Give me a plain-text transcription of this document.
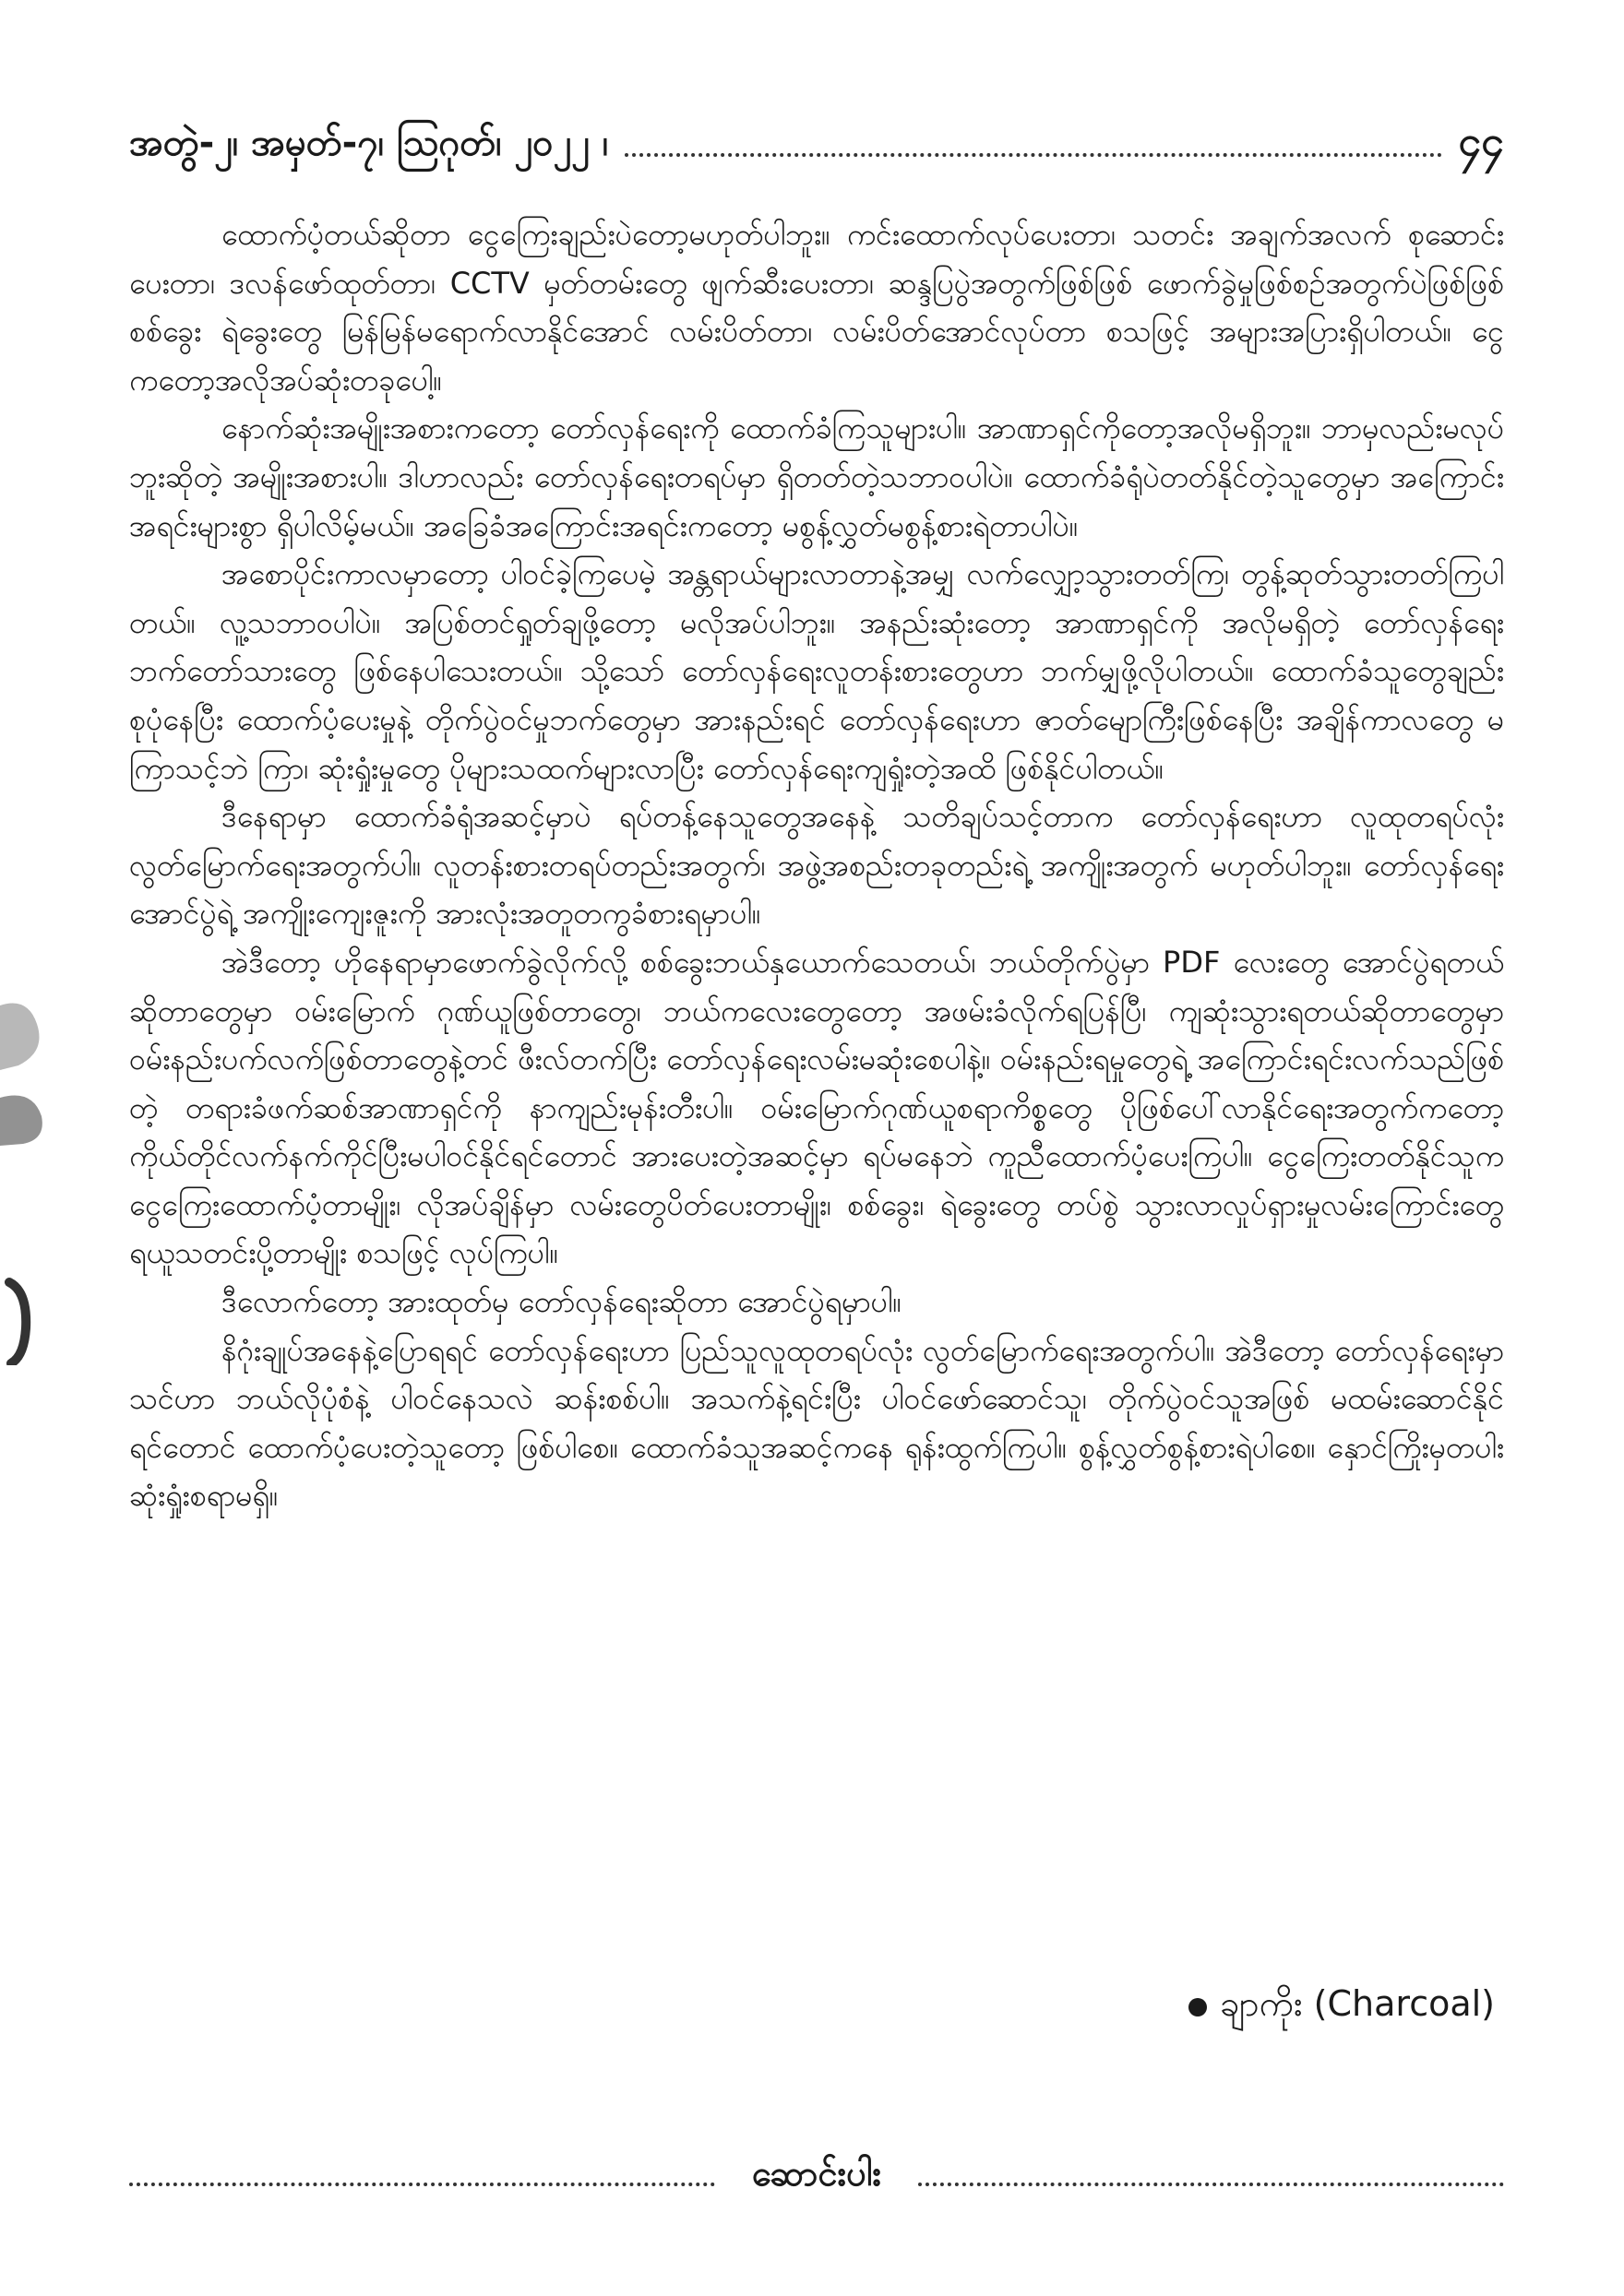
အတွဲ-၂၊ အမှတ်-၇၊ ဩဂုတ်၊ ၂၀၂၂ ၊	၄၄

ထောက်ပံ့တယ်ဆိုတာ ငွေကြေးချည်းပဲတော့မဟုတ်ပါဘူး။ ကင်းထောက်လုပ်ပေးတာ၊ သတင်း အချက်အလက် စုဆောင်းပေးတာ၊ ဒလန်ဖော်ထုတ်တာ၊ CCTV မှတ်တမ်းတွေ ဖျက်ဆီးပေးတာ၊ ဆန္ဒပြပွဲအတွက်ဖြစ်ဖြစ် ဖောက်ခွဲမှုဖြစ်စဉ်အတွက်ပဲဖြစ်ဖြစ် စစ်ခွေး ရဲခွေးတွေ မြန်မြန်မရောက်လာနိုင်အောင် လမ်းပိတ်တာ၊ လမ်းပိတ်အောင်လုပ်တာ စသဖြင့် အများအပြားရှိပါတယ်။ ငွေကတော့အလိုအပ်ဆုံးတခုပေါ့။

နောက်ဆုံးအမျိုးအစားကတော့ တော်လှန်ရေးကို ထောက်ခံကြသူများပါ။ အာဏာရှင်ကိုတော့အလိုမရှိဘူး။ ဘာမှလည်းမလုပ်ဘူးဆိုတဲ့ အမျိုးအစားပါ။ ဒါဟာလည်း တော်လှန်ရေးတရပ်မှာ ရှိတတ်တဲ့သဘာဝပါပဲ။ ထောက်ခံရုံပဲတတ်နိုင်တဲ့သူတွေမှာ အကြောင်းအရင်းများစွာ ရှိပါလိမ့်မယ်။ အခြေခံအကြောင်းအရင်းကတော့ မစွန့်လွှတ်မစွန့်စားရဲတာပါပဲ။

အစောပိုင်းကာလမှာတော့ ပါဝင်ခဲ့ကြပေမဲ့ အန္တရာယ်များလာတာနဲ့အမျှ လက်လျှော့သွားတတ်ကြ၊ တွန့်ဆုတ်သွားတတ်ကြပါတယ်။ လူ့သဘာဝပါပဲ။ အပြစ်တင်ရှုတ်ချဖို့တော့ မလိုအပ်ပါဘူး။ အနည်းဆုံးတော့ အာဏာရှင်ကို အလိုမရှိတဲ့ တော်လှန်ရေးဘက်တော်သားတွေ ဖြစ်နေပါသေးတယ်။ သို့သော် တော်လှန်ရေးလူတန်းစားတွေဟာ ဘက်မျှဖို့လိုပါတယ်။ ထောက်ခံသူတွေချည်း စုပုံနေပြီး ထောက်ပံ့ပေးမှုနဲ့ တိုက်ပွဲဝင်မှုဘက်တွေမှာ အားနည်းရင် တော်လှန်ရေးဟာ ဇာတ်မျောကြီးဖြစ်နေပြီး အချိန်ကာလတွေ မကြာသင့်ဘဲ ကြာ၊ ဆုံးရှုံးမှုတွေ ပိုများသထက်များလာပြီး တော်လှန်ရေးကျရှုံးတဲ့အထိ ဖြစ်နိုင်ပါတယ်။

ဒီနေရာမှာ ထောက်ခံရုံအဆင့်မှာပဲ ရပ်တန့်နေသူတွေအနေနဲ့ သတိချပ်သင့်တာက တော်လှန်ရေးဟာ လူထုတရပ်လုံး လွတ်မြောက်ရေးအတွက်ပါ။ လူတန်းစားတရပ်တည်းအတွက်၊ အဖွဲ့အစည်းတခုတည်းရဲ့ အကျိုးအတွက် မဟုတ်ပါဘူး။ တော်လှန်ရေးအောင်ပွဲရဲ့ အကျိုးကျေးဇူးကို အားလုံးအတူတကွခံစားရမှာပါ။

အဲဒီတော့ ဟိုနေရာမှာဖောက်ခွဲလိုက်လို့ စစ်ခွေးဘယ်နှယောက်သေတယ်၊ ဘယ်တိုက်ပွဲမှာ PDF လေးတွေ အောင်ပွဲရတယ် ဆိုတာတွေမှာ ဝမ်းမြောက် ဂုဏ်ယူဖြစ်တာတွေ၊ ဘယ်ကလေးတွေတော့ အဖမ်းခံလိုက်ရပြန်ပြီ၊ ကျဆုံးသွားရတယ်ဆိုတာတွေမှာ ဝမ်းနည်းပက်လက်ဖြစ်တာတွေနဲ့တင် ဖီးလ်တက်ပြီး တော်လှန်ရေးလမ်းမဆုံးစေပါနဲ့။ ဝမ်းနည်းရမှုတွေရဲ့ အကြောင်းရင်းလက်သည်ဖြစ်တဲ့ တရားခံဖက်ဆစ်အာဏာရှင်ကို နာကျည်းမုန်းတီးပါ။ ဝမ်းမြောက်ဂုဏ်ယူစရာကိစ္စတွေ ပိုဖြစ်ပေါ်လာနိုင်ရေးအတွက်ကတော့ ကိုယ်တိုင်လက်နက်ကိုင်ပြီးမပါဝင်နိုင်ရင်တောင် အားပေးတဲ့အဆင့်မှာ ရပ်မနေဘဲ ကူညီထောက်ပံ့ပေးကြပါ။ ငွေကြေးတတ်နိုင်သူက ငွေကြေးထောက်ပံ့တာမျိုး၊ လိုအပ်ချိန်မှာ လမ်းတွေပိတ်ပေးတာမျိုး၊ စစ်ခွေး၊ ရဲခွေးတွေ တပ်စွဲ သွားလာလှုပ်ရှားမှုလမ်းကြောင်းတွေ ရယူသတင်းပို့တာမျိုး စသဖြင့် လုပ်ကြပါ။

ဒီလောက်တော့ အားထုတ်မှ တော်လှန်ရေးဆိုတာ အောင်ပွဲရမှာပါ။

နိဂုံးချုပ်အနေနဲ့ပြောရရင် တော်လှန်ရေးဟာ ပြည်သူလူထုတရပ်လုံး လွတ်မြောက်ရေးအတွက်ပါ။ အဲဒီတော့ တော်လှန်ရေးမှာ သင်ဟာ ဘယ်လိုပုံစံနဲ့ ပါဝင်နေသလဲ ဆန်းစစ်ပါ။ အသက်နဲ့ရင်းပြီး ပါဝင်ဖော်ဆောင်သူ၊ တိုက်ပွဲဝင်သူအဖြစ် မထမ်းဆောင်နိုင်ရင်တောင် ထောက်ပံ့ပေးတဲ့သူတော့ ဖြစ်ပါစေ။ ထောက်ခံသူအဆင့်ကနေ ရုန်းထွက်ကြပါ။ စွန့်လွှတ်စွန့်စားရဲပါစေ။ နှောင်ကြိုးမှတပါး ဆုံးရှုံးစရာမရှိ။

ချာကိုး (Charcoal)
ဆောင်းပါး
